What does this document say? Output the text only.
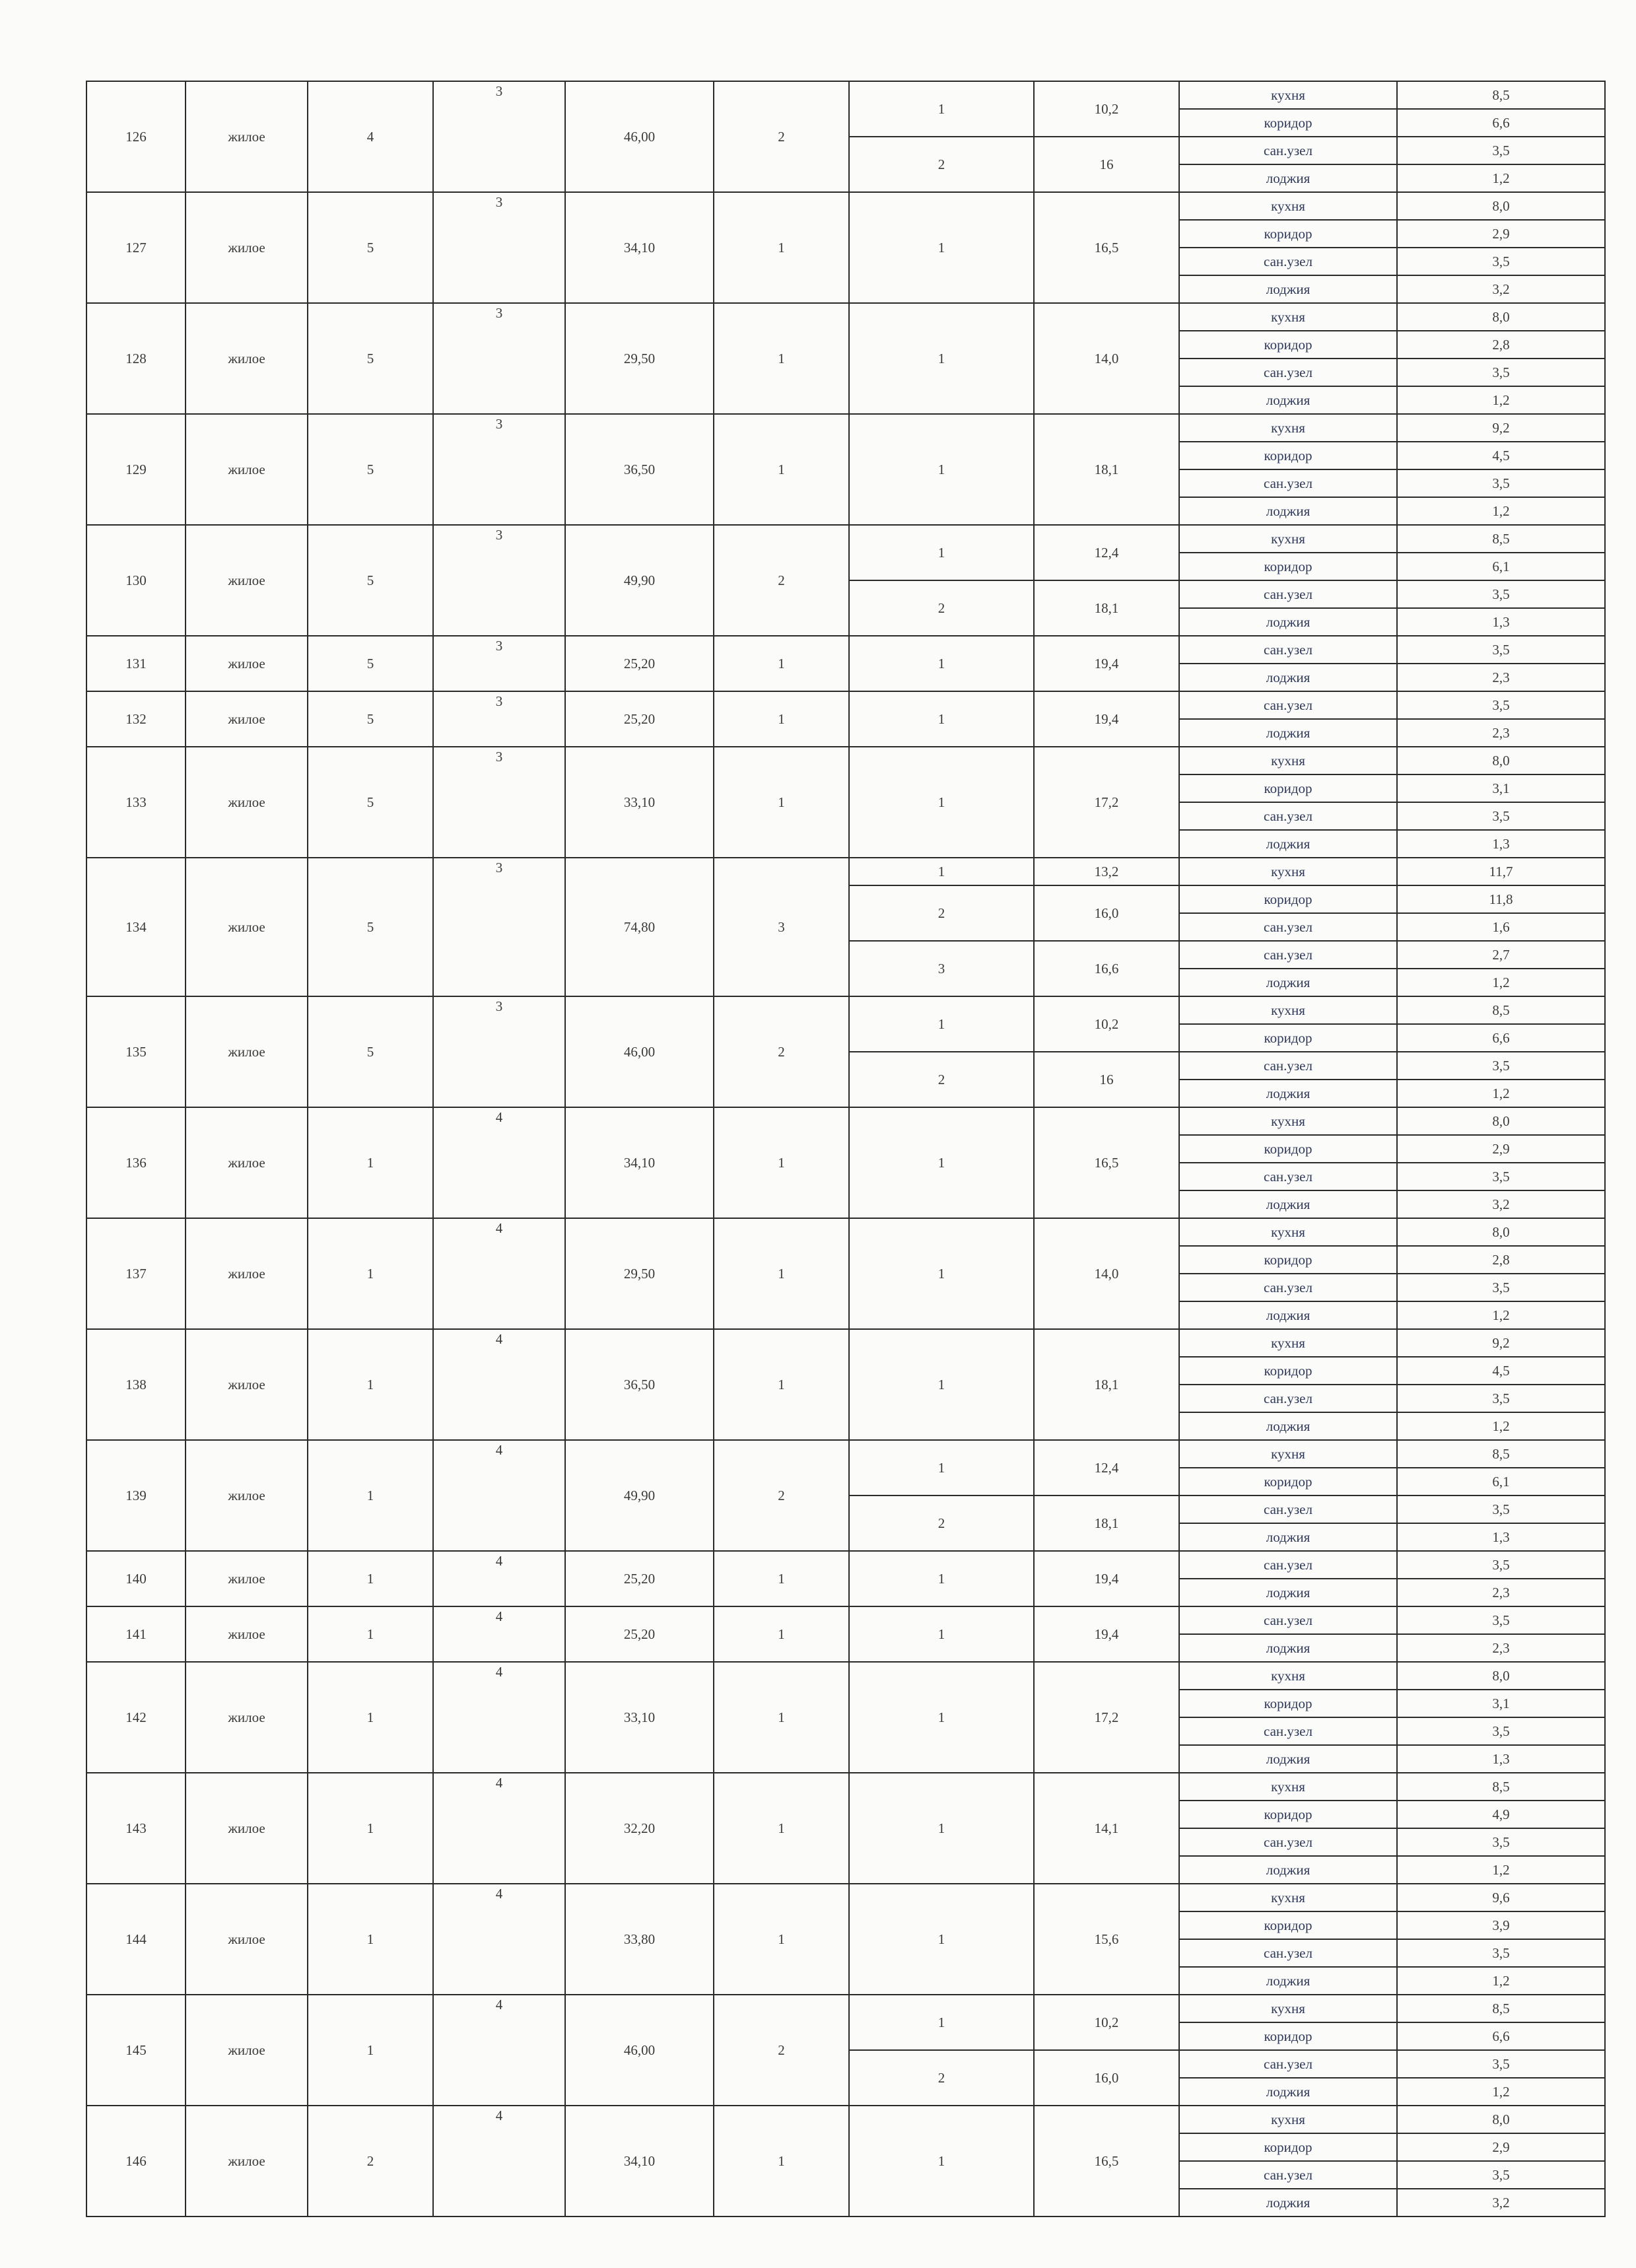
126	жилое	4	3	46,00	2	1	10,2	кухня	8,5
								коридор	6,6
						2	16	сан.узел	3,5
								лоджия	1,2
127	жилое	5	3	34,10	1	1	16,5	кухня	8,0
								коридор	2,9
								сан.узел	3,5
								лоджия	3,2
128	жилое	5	3	29,50	1	1	14,0	кухня	8,0
								коридор	2,8
								сан.узел	3,5
								лоджия	1,2
129	жилое	5	3	36,50	1	1	18,1	кухня	9,2
								коридор	4,5
								сан.узел	3,5
								лоджия	1,2
130	жилое	5	3	49,90	2	1	12,4	кухня	8,5
								коридор	6,1
						2	18,1	сан.узел	3,5
								лоджия	1,3
131	жилое	5	3	25,20	1	1	19,4	сан.узел	3,5
								лоджия	2,3
132	жилое	5	3	25,20	1	1	19,4	сан.узел	3,5
								лоджия	2,3
133	жилое	5	3	33,10	1	1	17,2	кухня	8,0
								коридор	3,1
								сан.узел	3,5
								лоджия	1,3
134	жилое	5	3	74,80	3	1	13,2	кухня	11,7
						2	16,0	коридор	11,8
								сан.узел	1,6
						3	16,6	сан.узел	2,7
								лоджия	1,2
135	жилое	5	3	46,00	2	1	10,2	кухня	8,5
								коридор	6,6
						2	16	сан.узел	3,5
								лоджия	1,2
136	жилое	1	4	34,10	1	1	16,5	кухня	8,0
								коридор	2,9
								сан.узел	3,5
								лоджия	3,2
137	жилое	1	4	29,50	1	1	14,0	кухня	8,0
								коридор	2,8
								сан.узел	3,5
								лоджия	1,2
138	жилое	1	4	36,50	1	1	18,1	кухня	9,2
								коридор	4,5
								сан.узел	3,5
								лоджия	1,2
139	жилое	1	4	49,90	2	1	12,4	кухня	8,5
								коридор	6,1
						2	18,1	сан.узел	3,5
								лоджия	1,3
140	жилое	1	4	25,20	1	1	19,4	сан.узел	3,5
								лоджия	2,3
141	жилое	1	4	25,20	1	1	19,4	сан.узел	3,5
								лоджия	2,3
142	жилое	1	4	33,10	1	1	17,2	кухня	8,0
								коридор	3,1
								сан.узел	3,5
								лоджия	1,3
143	жилое	1	4	32,20	1	1	14,1	кухня	8,5
								коридор	4,9
								сан.узел	3,5
								лоджия	1,2
144	жилое	1	4	33,80	1	1	15,6	кухня	9,6
								коридор	3,9
								сан.узел	3,5
								лоджия	1,2
145	жилое	1	4	46,00	2	1	10,2	кухня	8,5
								коридор	6,6
						2	16,0	сан.узел	3,5
								лоджия	1,2
146	жилое	2	4	34,10	1	1	16,5	кухня	8,0
								коридор	2,9
								сан.узел	3,5
								лоджия	3,2
